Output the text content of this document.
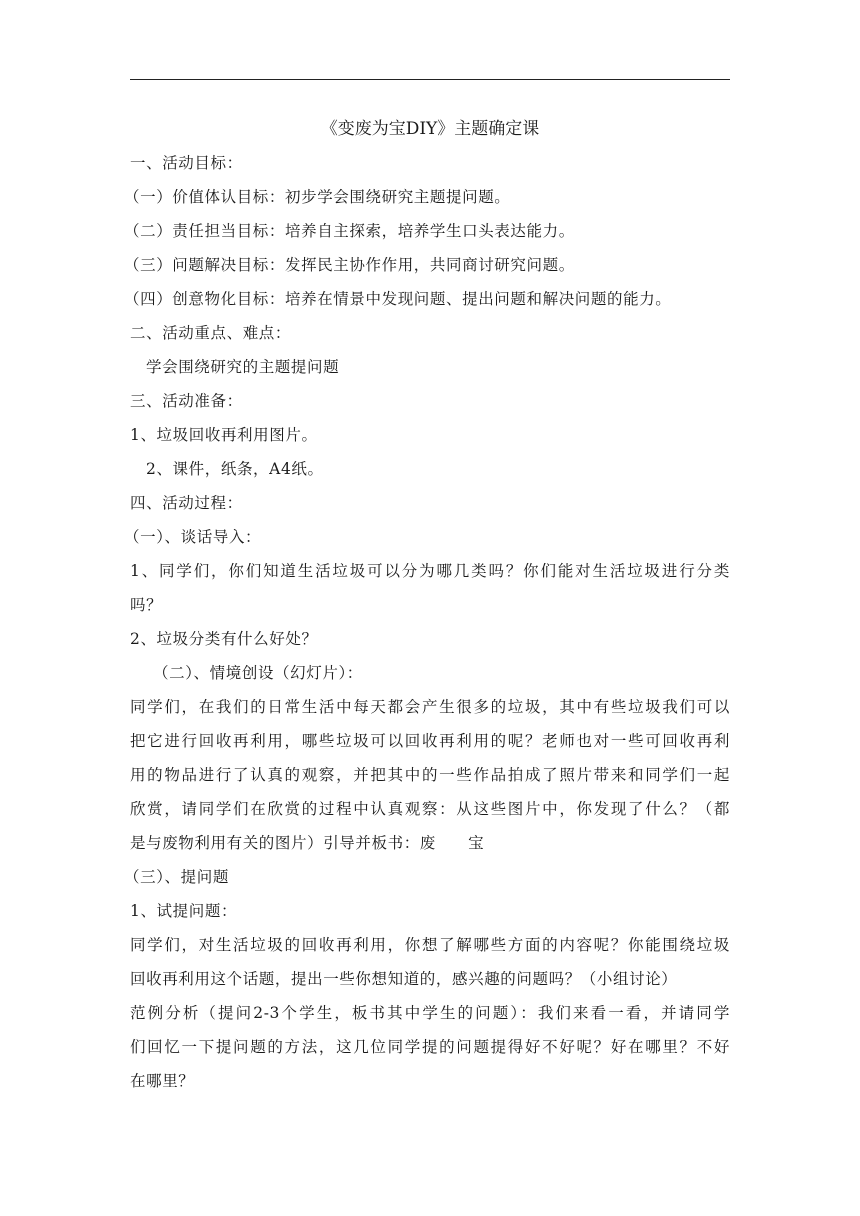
《变废为宝DIY》主题确定课
一、活动目标：
（一）价值体认目标：初步学会围绕研究主题提问题。
（二）责任担当目标：培养自主探索，培养学生口头表达能力。
（三）问题解决目标：发挥民主协作作用，共同商讨研究问题。
（四）创意物化目标：培养在情景中发现问题、提出问题和解决问题的能力。
二、活动重点、难点：
学会围绕研究的主题提问题
三、活动准备：
1、垃圾回收再利用图片。
2、课件，纸条，A4纸。
四、活动过程：
（一）、谈话导入：
1、同学们，你们知道生活垃圾可以分为哪几类吗？你们能对生活垃圾进行分类
吗？
2、垃圾分类有什么好处？
（二）、情境创设（幻灯片）：
同学们，在我们的日常生活中每天都会产生很多的垃圾，其中有些垃圾我们可以
把它进行回收再利用，哪些垃圾可以回收再利用的呢？老师也对一些可回收再利
用的物品进行了认真的观察，并把其中的一些作品拍成了照片带来和同学们一起
欣赏，请同学们在欣赏的过程中认真观察：从这些图片中，你发现了什么？（都
是与废物利用有关的图片）引导并板书：废　　宝
（三）、提问题
1、试提问题：
同学们，对生活垃圾的回收再利用，你想了解哪些方面的内容呢？你能围绕垃圾
回收再利用这个话题，提出一些你想知道的，感兴趣的问题吗？（小组讨论）
范例分析（提问2-3个学生，板书其中学生的问题）：我们来看一看，并请同学
们回忆一下提问题的方法，这几位同学提的问题提得好不好呢？好在哪里？不好
在哪里？
